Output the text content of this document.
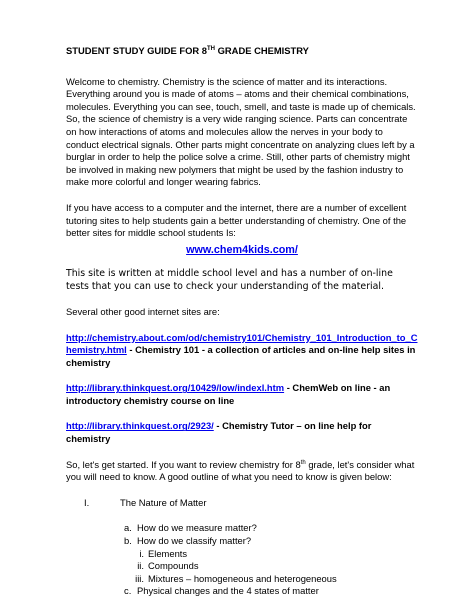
STUDENT STUDY GUIDE FOR 8TH GRADE CHEMISTRY

Welcome to chemistry. Chemistry is the science of matter and its interactions. Everything around you is made of atoms – atoms and their chemical combinations, molecules. Everything you can see, touch, smell, and taste is made up of chemicals. So, the science of chemistry is a very wide ranging science. Parts can concentrate on how interactions of atoms and molecules allow the nerves in your body to conduct electrical signals. Other parts might concentrate on analyzing clues left by a burglar in order to help the police solve a crime. Still, other parts of chemistry might be involved in making new polymers that might be used by the fashion industry to make more colorful and longer wearing fabrics.

If you have access to a computer and the internet, there are a number of excellent tutoring sites to help students gain a better understanding of chemistry. One of the better sites for middle school students Is:

www.chem4kids.com/

This site is written at middle school level and has a number of on-line tests that you can use to check your understanding of the material.

Several other good internet sites are:

http://chemistry.about.com/od/chemistry101/Chemistry_101_Introduction_to_Chemistry.html - Chemistry 101 - a collection of articles and on-line help sites in chemistry
http://library.thinkquest.org/10429/low/indexl.htm - ChemWeb on line - an introductory chemistry course on line
http://library.thinkquest.org/2923/ - Chemistry Tutor – on line help for chemistry

So, let's get started. If you want to review chemistry for 8th grade, let's consider what you will need to know. A good outline of what you need to know is given below:

I.	The Nature of Matter
a. How do we measure matter?
b. How do we classify matter?
i. Elements
ii. Compounds
iii. Mixtures – homogeneous and heterogeneous
c. Physical changes and the 4 states of matter
